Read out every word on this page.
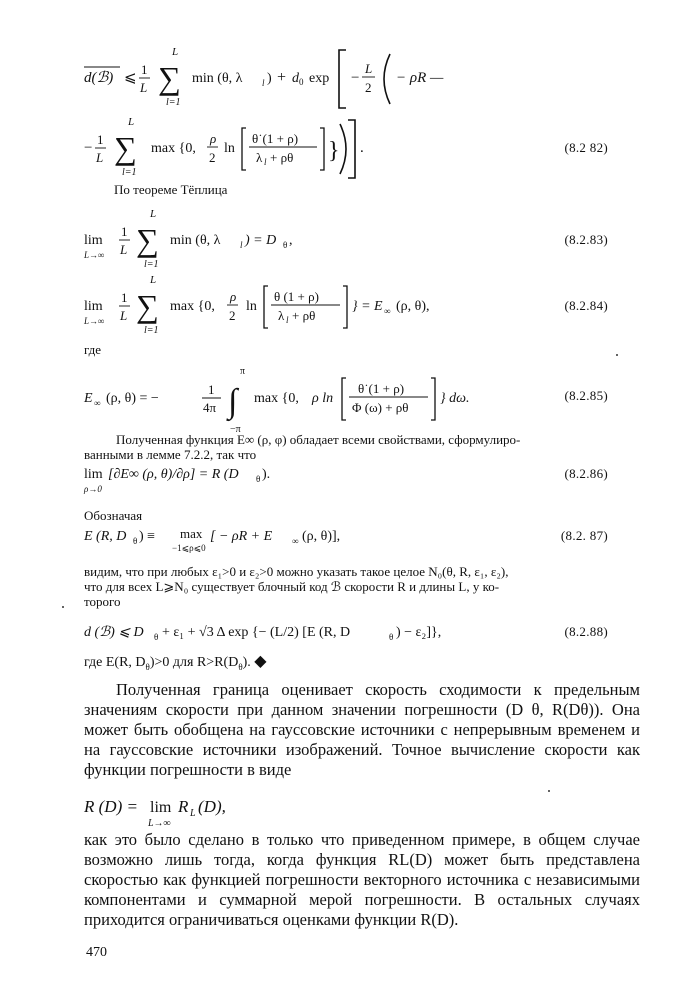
d(ℬ) ⩽
1
L
L
∑
l=1
min (θ, λ l ) + d 0 exp −
L
2
− ρR —
−
1
L
L
∑
l=1
max {0,
ρ
2
ln
θ˙(1 + ρ)
λ l + ρθ } .	(8.2 82)
По теореме Тёплица
lim
L→∞
1
L
L
∑
l=1
min (θ, λ l ) = D θ ,	(8.2.83)
lim
L→∞
1
L
L
∑
l=1
max {0,
ρ
2
ln
θ (1 + ρ)
λ l + ρθ
} = E ∞ (ρ, θ),	(8.2.84)
где
E ∞ (ρ, θ) = −
1
4π
π
∫
−π
max {0, ρ ln
θ˙(1 + ρ)
Φ (ω) + ρθ
} dω.	(8.2.85)
Полученная функция E∞ (ρ, φ) обладает всеми свойствами, сформулиро-
ванными в лемме 7.2.2, так что
lim
ρ→0
[∂E∞ (ρ, θ)/∂ρ] = R (D θ ).	(8.2.86)
Обозначая
E (R, D θ ) ≡ max
−1⩽ρ⩽0
[ − ρR + E ∞ (ρ, θ)],	(8.2. 87)
видим, что при любых ε₁>0 и ε₂>0 можно указать такое целое N₀(θ, R, ε₁, ε₂),
что для всех L⩾N₀ существует блочный код ℬ скорости R и длины L, у ко-
торого
d (ℬ) ⩽ D θ + ε₁ + √3 Δ exp {− (L/2) [E (R, D	θ ) − ε₂]},	(8.2.88)
где E(R, $D_\theta)>0$ для $R>R(D_\theta)$. ◆
Полученная граница оценивает скорость сходимости к предельным значениям скорости при данном значении погрешности (D θ, R(Dθ)). Она может быть обобщена на гауссовские источники с непрерывным временем и на гауссовские источники изображений. Точное вычисление скорости как функции погрешности в виде
R (D) = lim
L→∞
R L (D),
как это было сделано в только что приведенном примере, в общем случае возможно лишь тогда, когда функция RL(D) может быть представлена скоростью как функцией погрешности векторного источника с независимыми компонентами и суммарной мерой погрешности. В остальных случаях приходится ограничиваться оценками функции R(D).
470
